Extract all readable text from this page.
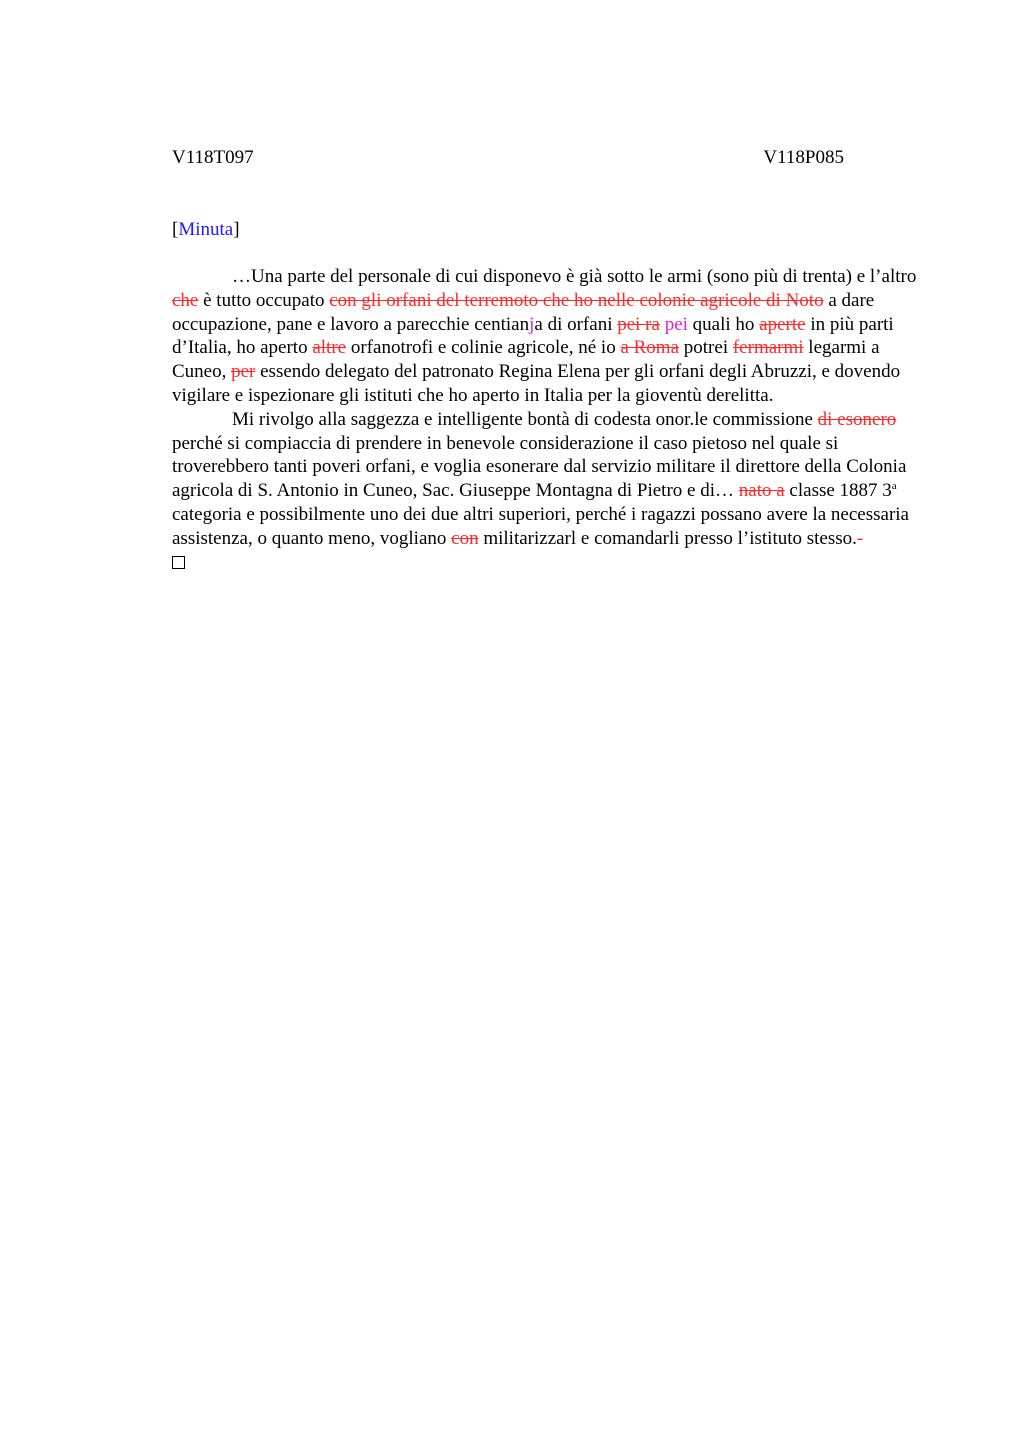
V118T097	V118P085
[Minuta]

…Una parte del personale di cui disponevo è già sotto le armi (sono più di trenta) e l’altro che è tutto occupato con gli orfani del terremoto che ho nelle colonie agricole di Noto a dare occupazione, pane e lavoro a parecchie centianja di orfani pei ra pei quali ho aperte in più parti d’Italia, ho aperto altre orfanotrofi e colinie agricole, né io a Roma potrei fermarmi legarmi a Cuneo, per essendo delegato del patronato Regina Elena per gli orfani degli Abruzzi, e dovendo vigilare e ispezionare gli istituti che ho aperto in Italia per la gioventù derelitta.

Mi rivolgo alla saggezza e intelligente bontà di codesta onor.le commissione di esonero perché si compiaccia di prendere in benevole considerazione il caso pietoso nel quale si troverebbero tanti poveri orfani, e voglia esonerare dal servizio militare il direttore della Colonia agricola di S. Antonio in Cuneo, Sac. Giuseppe Montagna di Pietro e di… nato a classe 1887 3$^a$ categoria e possibilmente uno dei due altri superiori, perché i ragazzi possano avere la necessaria assistenza, o quanto meno, vogliano con militarizzarl e comandarli presso l’istituto stesso.-
